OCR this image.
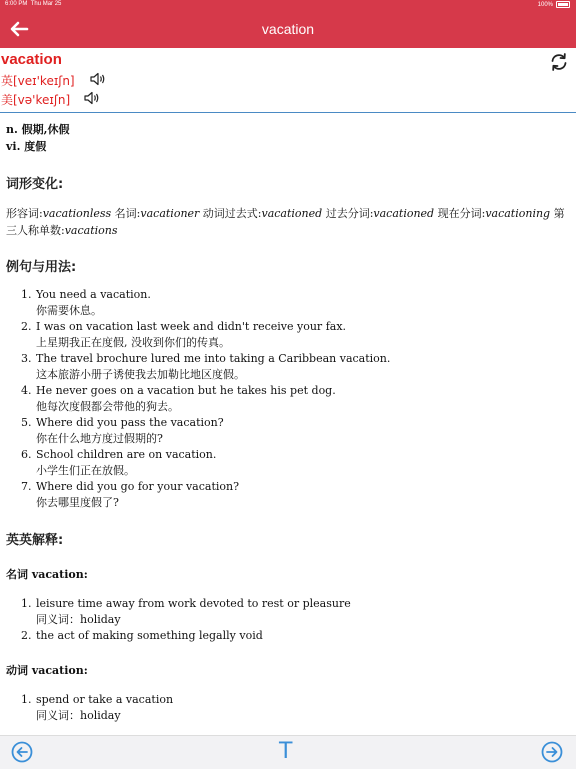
6:00 PM Thu Mar 25	100%
vacation
vacation
英[veɪ'keɪʃn]
美[və'keɪʃn]
n. 假期,休假
vi. 度假
词形变化:
形容词:vacationless 名词:vacationer 动词过去式:vacationed 过去分词:vacationed 现在分词:vacationing 第三人称单数:vacations
例句与用法:
1. You need a vacation.
你需要休息。
2. I was on vacation last week and didn't receive your fax.
上星期我正在度假, 没收到你们的传真。
3. The travel brochure lured me into taking a Caribbean vacation.
这本旅游小册子诱使我去加勒比地区度假。
4. He never goes on a vacation but he takes his pet dog.
他每次度假都会带他的狗去。
5. Where did you pass the vacation?
你在什么地方度过假期的?
6. School children are on vacation.
小学生们正在放假。
7. Where did you go for your vacation?
你去哪里度假了?
英英解释:
名词 vacation:
1. leisure time away from work devoted to rest or pleasure
同义词：holiday
2. the act of making something legally void
动词 vacation:
1. spend or take a vacation
同义词：holiday
T
